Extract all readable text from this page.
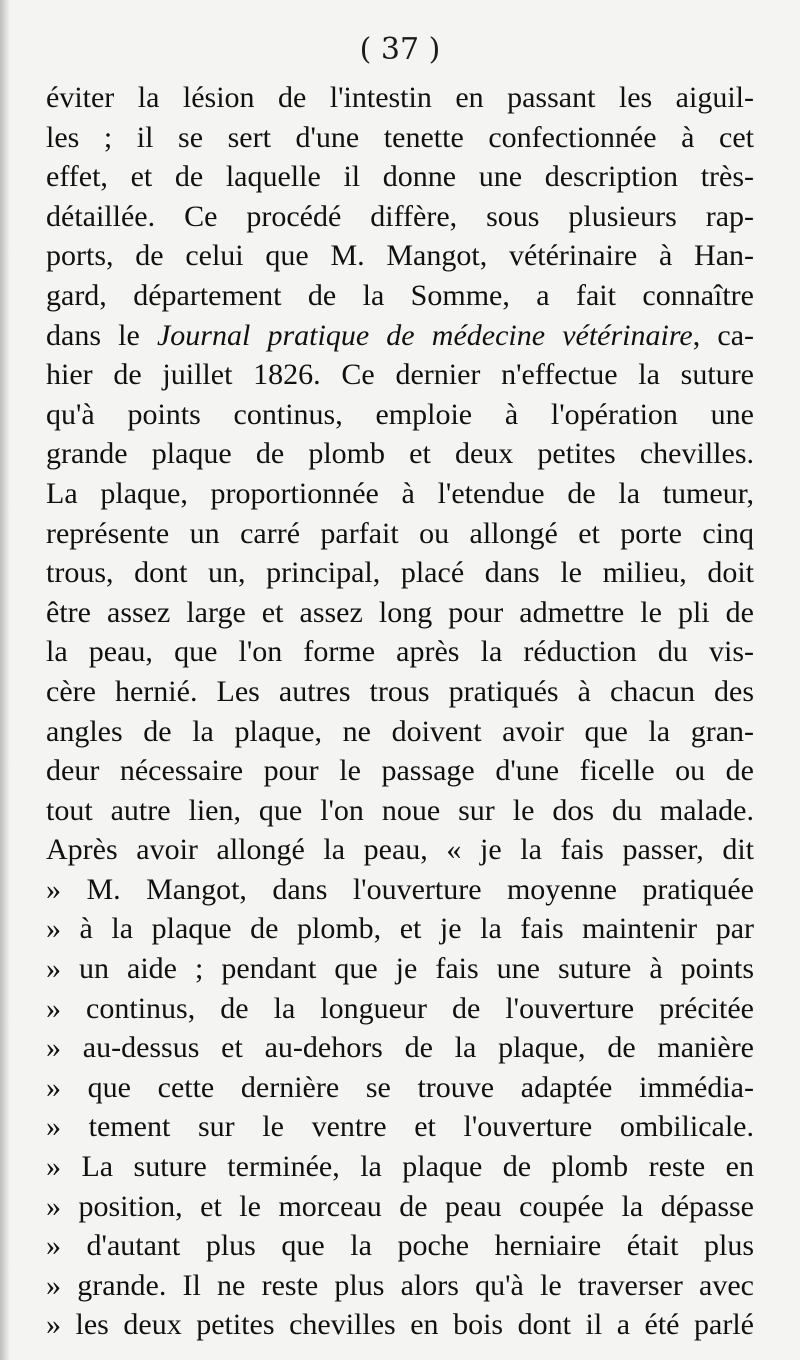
( 37 )

éviter la lésion de l'intestin en passant les aiguil-
les ; il se sert d'une tenette confectionnée à cet
effet, et de laquelle il donne une description très-
détaillée. Ce procédé diffère, sous plusieurs rap-
ports, de celui que M. Mangot, vétérinaire à Han-
gard, département de la Somme, a fait connaître
dans le Journal pratique de médecine vétérinaire, ca-
hier de juillet 1826. Ce dernier n'effectue la suture
qu'à points continus, emploie à l'opération une
grande plaque de plomb et deux petites chevilles.
La plaque, proportionnée à l'etendue de la tumeur,
représente un carré parfait ou allongé et porte cinq
trous, dont un, principal, placé dans le milieu, doit
être assez large et assez long pour admettre le pli de
la peau, que l'on forme après la réduction du vis-
cère hernié. Les autres trous pratiqués à chacun des
angles de la plaque, ne doivent avoir que la gran-
deur nécessaire pour le passage d'une ficelle ou de
tout autre lien, que l'on noue sur le dos du malade.
Après avoir allongé la peau, « je la fais passer, dit
» M. Mangot, dans l'ouverture moyenne pratiquée
» à la plaque de plomb, et je la fais maintenir par
» un aide ; pendant que je fais une suture à points
» continus, de la longueur de l'ouverture précitée
» au-dessus et au-dehors de la plaque, de manière
» que cette dernière se trouve adaptée immédia-
» tement sur le ventre et l'ouverture ombilicale.
» La suture terminée, la plaque de plomb reste en
» position, et le morceau de peau coupée la dépasse
» d'autant plus que la poche herniaire était plus
» grande. Il ne reste plus alors qu'à le traverser avec
» les deux petites chevilles en bois dont il a été parlé
